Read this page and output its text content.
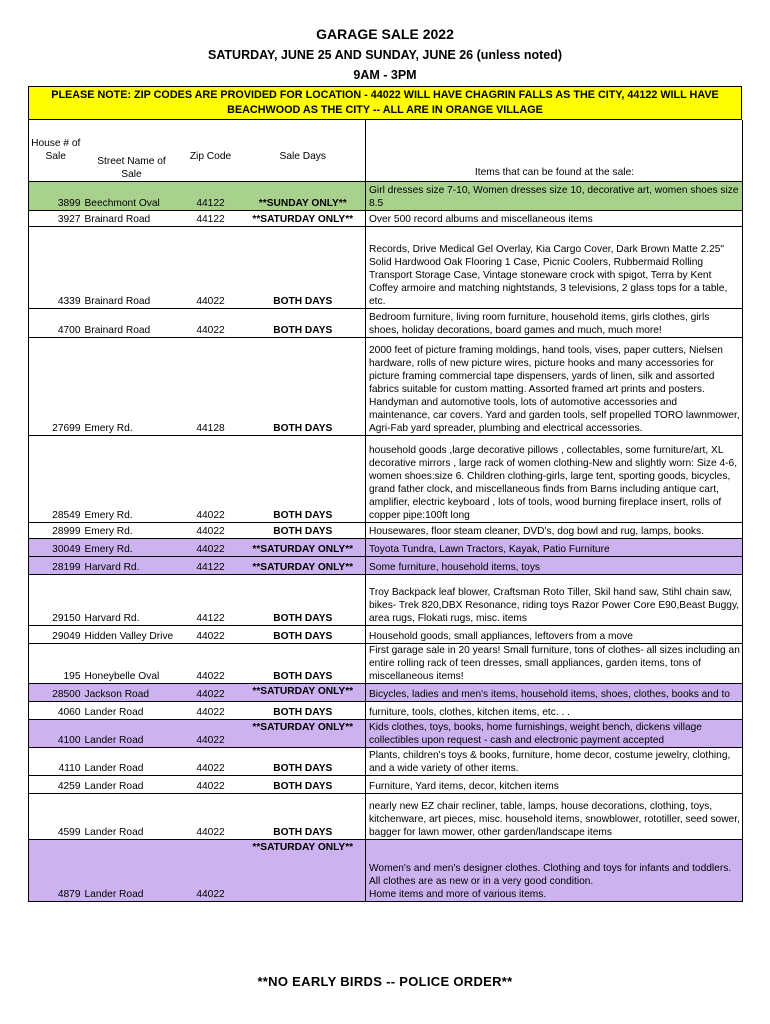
GARAGE SALE 2022
SATURDAY, JUNE 25 AND SUNDAY, JUNE 26 (unless noted)
9AM - 3PM
PLEASE NOTE: ZIP CODES ARE PROVIDED FOR LOCATION - 44022 WILL HAVE CHAGRIN FALLS AS THE CITY, 44122 WILL HAVE BEACHWOOD AS THE CITY -- ALL ARE IN ORANGE VILLAGE
House # of Sale	Street Name of Sale	Zip Code	Sale Days	Items that can be found at the sale:
3899	Beechmont Oval	44122	**SUNDAY ONLY**	Girl dresses size 7-10, Women dresses size 10, decorative art, women shoes size 8.5
3927	Brainard Road	44122	**SATURDAY ONLY**	Over 500 record albums and miscellaneous items
4339	Brainard Road	44022	BOTH DAYS	Records, Drive Medical Gel Overlay, Kia Cargo Cover, Dark Brown Matte 2.25" Solid Hardwood Oak Flooring 1 Case, Picnic Coolers, Rubbermaid Rolling Transport Storage Case, Vintage stoneware crock with spigot, Terra by Kent Coffey armoire and matching nightstands, 3 televisions, 2 glass tops for a table, etc.
4700	Brainard Road	44022	BOTH DAYS	Bedroom furniture, living room furniture, household items, girls clothes, girls shoes, holiday decorations, board games and much, much more!
27699	Emery Rd.	44128	BOTH DAYS	2000 feet of picture framing moldings, hand tools, vises, paper cutters, Nielsen hardware, rolls of new picture wires, picture hooks and many accessories for picture framing commercial tape dispensers, yards of linen, silk and assorted fabrics suitable for custom matting. Assorted framed art prints and posters. Handyman and automotive tools, lots of automotive accessories and maintenance, car covers. Yard and garden tools, self propelled TORO lawnmower, Agri-Fab yard spreader, plumbing and electrical accessories.
28549	Emery Rd.	44022	BOTH DAYS	household goods ,large decorative pillows , collectables, some furniture/art, XL decorative mirrors , large rack of women clothing-New and slightly worn: Size 4-6, women shoes:size 6. Children clothing-girls, large tent, sporting goods, bicycles, grand father clock, and miscellaneous finds from Barns including antique cart, amplifier, electric keyboard , lots of tools, wood burning fireplace insert, rolls of copper pipe:100ft long
28999	Emery Rd.	44022	BOTH DAYS	Housewares, floor steam cleaner, DVD's, dog bowl and rug, lamps, books.
30049	Emery Rd.	44022	**SATURDAY ONLY**	Toyota Tundra, Lawn Tractors, Kayak, Patio Furniture
28199	Harvard Rd.	44122	**SATURDAY ONLY**	Some furniture, household items, toys
29150	Harvard Rd.	44122	BOTH DAYS	Troy Backpack leaf blower, Craftsman Roto Tiller, Skil hand saw, Stihl chain saw, bikes- Trek 820,DBX Resonance, riding toys Razor Power Core E90,Beast Buggy, area rugs, Flokati rugs, misc. items
29049	Hidden Valley Drive	44022	BOTH DAYS	Household goods, small appliances, leftovers from a move
195	Honeybelle Oval	44022	BOTH DAYS	First garage sale in 20 years! Small furniture, tons of clothes- all sizes including an entire rolling rack of teen dresses, small appliances, garden items, tons of miscellaneous items!
28500	Jackson Road	44022	**SATURDAY ONLY**	Bicycles, ladies and men's items, household items, shoes, clothes, books and to
4060	Lander Road	44022	BOTH DAYS	furniture, tools, clothes, kitchen items, etc. . .
4100	Lander Road	44022	**SATURDAY ONLY**	Kids clothes, toys, books, home furnishings, weight bench, dickens village collectibles upon request - cash and electronic payment accepted
4110	Lander Road	44022	BOTH DAYS	Plants, children's toys & books, furniture, home decor, costume jewelry, clothing, and a wide variety of other items.
4259	Lander Road	44022	BOTH DAYS	Furniture, Yard items, decor, kitchen items
4599	Lander Road	44022	BOTH DAYS	nearly new EZ chair recliner, table, lamps, house decorations, clothing, toys, kitchenware, art pieces, misc. household items, snowblower, rototiller, seed sower, bagger for lawn mower, other garden/landscape items
4879	Lander Road	44022	**SATURDAY ONLY**	Women's and men's designer clothes. Clothing and toys for infants and toddlers.
All clothes are as new or in a very good condition.
Home items and more of various items.
**NO EARLY BIRDS -- POLICE ORDER**
